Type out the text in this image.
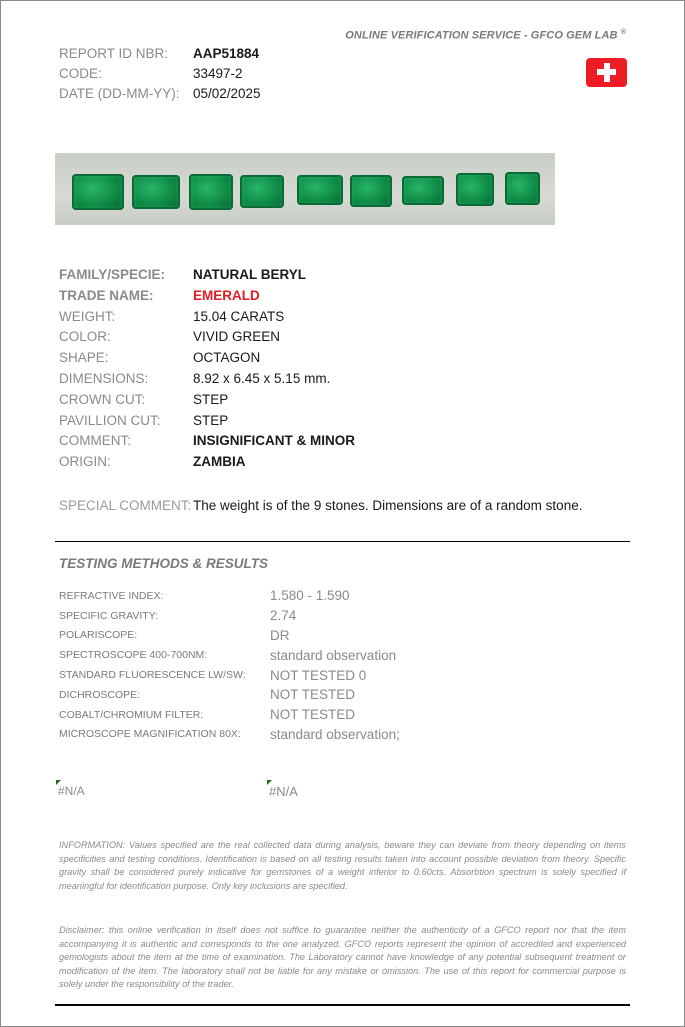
ONLINE VERIFICATION SERVICE - GFCO GEM LAB ®
REPORT ID NBR:	AAP51884
CODE:	33497-2
DATE (DD-MM-YY):	05/02/2025
FAMILY/SPECIE:	NATURAL BERYL
TRADE NAME:	EMERALD
WEIGHT:	15.04 CARATS
COLOR:	VIVID GREEN
SHAPE:	OCTAGON
DIMENSIONS:	8.92 x 6.45 x 5.15 mm.
CROWN CUT:	STEP
PAVILLION CUT:	STEP
COMMENT:	INSIGNIFICANT & MINOR
ORIGIN:	ZAMBIA
SPECIAL COMMENT: The weight is of the 9 stones. Dimensions are of a random stone.
TESTING METHODS & RESULTS
REFRACTIVE INDEX:	1.580 - 1.590
SPECIFIC GRAVITY:	2.74
POLARISCOPE:	DR
SPECTROSCOPE 400-700NM:	standard observation
STANDARD FLUORESCENCE LW/SW:	NOT TESTED 0
DICHROSCOPE:	NOT TESTED
COBALT/CHROMIUM FILTER:	NOT TESTED
MICROSCOPE MAGNIFICATION 80X:	standard observation;
#N/A	#N/A
INFORMATION: Values specified are the real collected data during analysis, beware they can deviate from theory depending on items specificities and testing conditions. Identification is based on all testing results taken into account possible deviation from theory. Specific gravity shall be considered purely indicative for gemstones of a weight inferior to 0.60cts. Absorbtion spectrum is solely specified if meaningful for identification purpose. Only key inclusions are specified.
Disclaimer: this online verification in itself does not suffice to guarantee neither the authenticity of a GFCO report nor that the item accompanying it is authentic and corresponds to the one analyzed. GFCO reports represent the opinion of accredited and experienced gemologists about the item at the time of examination. The Laboratory cannot have knowledge of any potential subsequent treatment or modification of the item. The laboratory shall not be liable for any mistake or omission. The use of this report for commercial purpose is solely under the responsibility of the trader.
